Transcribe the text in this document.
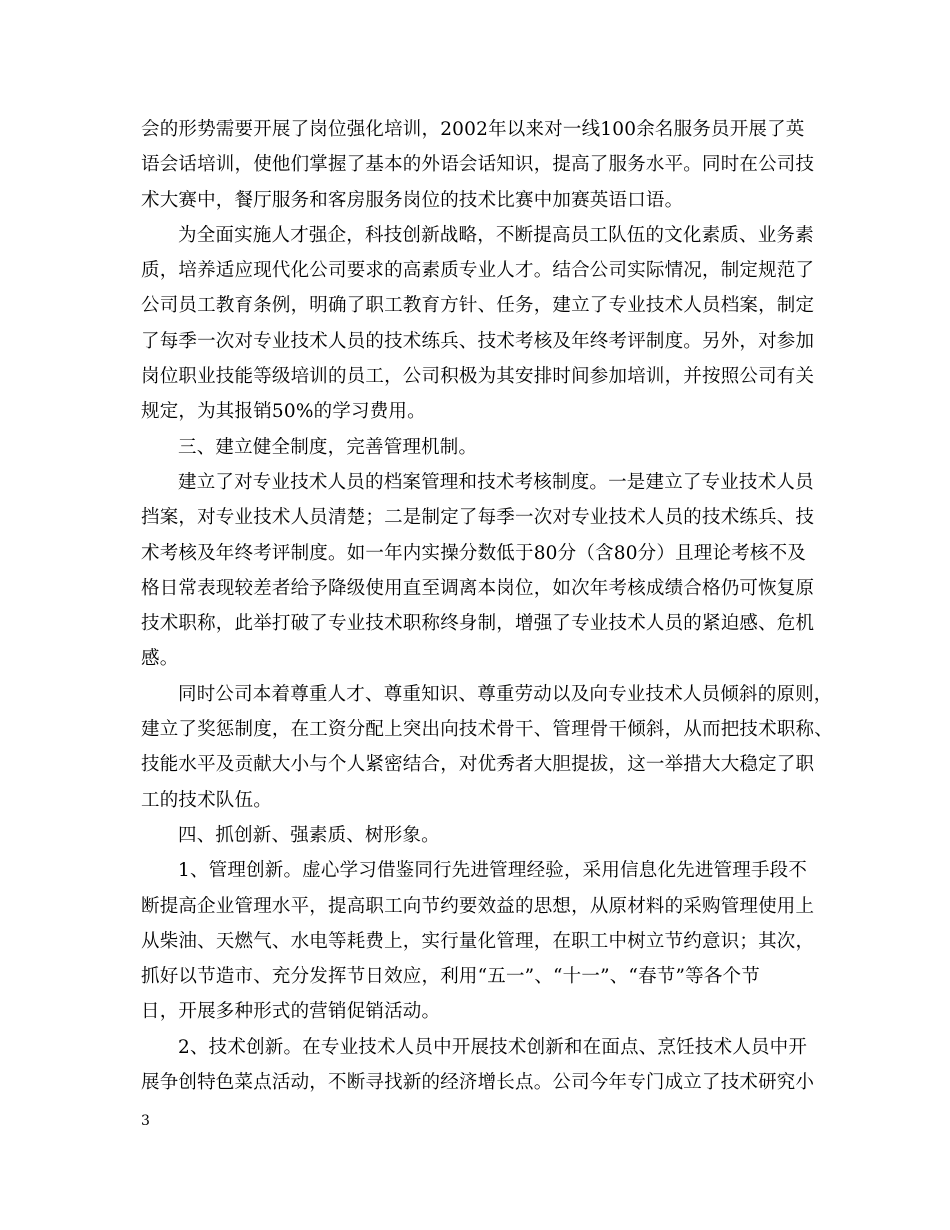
会的形势需要开展了岗位强化培训，2002年以来对一线100余名服务员开展了英
语会话培训，使他们掌握了基本的外语会话知识，提高了服务水平。同时在公司技
术大赛中，餐厅服务和客房服务岗位的技术比赛中加赛英语口语。
为全面实施人才强企，科技创新战略，不断提高员工队伍的文化素质、业务素
质，培养适应现代化公司要求的高素质专业人才。结合公司实际情况，制定规范了
公司员工教育条例，明确了职工教育方针、任务，建立了专业技术人员档案，制定
了每季一次对专业技术人员的技术练兵、技术考核及年终考评制度。另外，对参加
岗位职业技能等级培训的员工，公司积极为其安排时间参加培训，并按照公司有关
规定，为其报销50%的学习费用。
三、建立健全制度，完善管理机制。
建立了对专业技术人员的档案管理和技术考核制度。一是建立了专业技术人员
挡案，对专业技术人员清楚；二是制定了每季一次对专业技术人员的技术练兵、技
术考核及年终考评制度。如一年内实操分数低于80分（含80分）且理论考核不及
格日常表现较差者给予降级使用直至调离本岗位，如次年考核成绩合格仍可恢复原
技术职称，此举打破了专业技术职称终身制，增强了专业技术人员的紧迫感、危机
感。
同时公司本着尊重人才、尊重知识、尊重劳动以及向专业技术人员倾斜的原则，
建立了奖惩制度，在工资分配上突出向技术骨干、管理骨干倾斜，从而把技术职称、
技能水平及贡献大小与个人紧密结合，对优秀者大胆提拔，这一举措大大稳定了职
工的技术队伍。
四、抓创新、强素质、树形象。
1、管理创新。虚心学习借鉴同行先进管理经验，采用信息化先进管理手段不
断提高企业管理水平，提高职工向节约要效益的思想，从原材料的采购管理使用上
从柴油、天燃气、水电等耗费上，实行量化管理，在职工中树立节约意识；其次，
抓好以节造市、充分发挥节日效应，利用“五一”、“十一”、“春节”等各个节
日，开展多种形式的营销促销活动。
2、技术创新。在专业技术人员中开展技术创新和在面点、烹饪技术人员中开
展争创特色菜点活动，不断寻找新的经济增长点。公司今年专门成立了技术研究小
3
